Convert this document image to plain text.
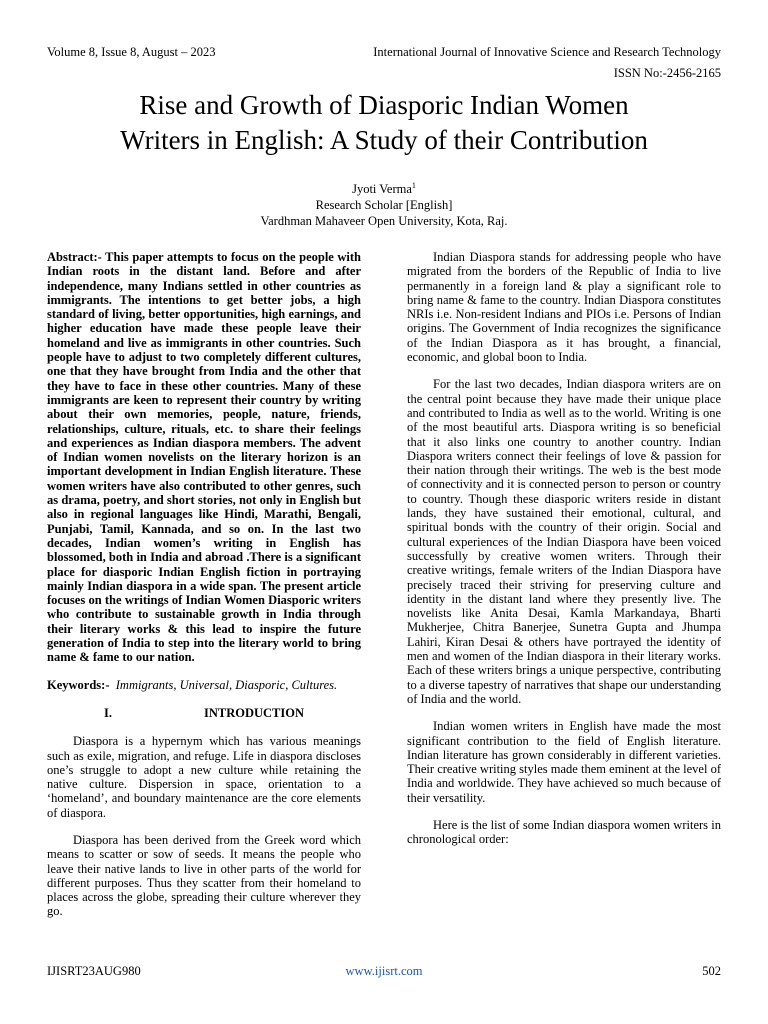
Volume 8, Issue 8, August – 2023	International Journal of Innovative Science and Research Technology
ISSN No:-2456-2165
Rise and Growth of Diasporic Indian Women
Writers in English: A Study of their Contribution
Jyoti Verma$^1$
Research Scholar [English]
Vardhman Mahaveer Open University, Kota, Raj.

Abstract:- This paper attempts to focus on the people with Indian roots in the distant land. Before and after independence, many Indians settled in other countries as immigrants. The intentions to get better jobs, a high standard of living, better opportunities, high earnings, and higher education have made these people leave their homeland and live as immigrants in other countries. Such people have to adjust to two completely different cultures, one that they have brought from India and the other that they have to face in these other countries. Many of these immigrants are keen to represent their country by writing about their own memories, people, nature, friends, relationships, culture, rituals, etc. to share their feelings and experiences as Indian diaspora members. The advent of Indian women novelists on the literary horizon is an important development in Indian English literature. These women writers have also contributed to other genres, such as drama, poetry, and short stories, not only in English but also in regional languages like Hindi, Marathi, Bengali, Punjabi, Tamil, Kannada, and so on. In the last two decades, Indian women’s writing in English has blossomed, both in India and abroad .There is a significant place for diasporic Indian English fiction in portraying mainly Indian diaspora in a wide span. The present article focuses on the writings of Indian Women Diasporic writers who contribute to sustainable growth in India through their literary works & this lead to inspire the future generation of India to step into the literary world to bring name & fame to our nation.

Keywords:- Immigrants, Universal, Diasporic, Cultures.

I.	INTRODUCTION

Diaspora is a hypernym which has various meanings such as exile, migration, and refuge. Life in diaspora discloses one’s struggle to adopt a new culture while retaining the native culture. Dispersion in space, orientation to a ‘homeland’, and boundary maintenance are the core elements of diaspora.

Diaspora has been derived from the Greek word which means to scatter or sow of seeds. It means the people who leave their native lands to live in other parts of the world for different purposes. Thus they scatter from their homeland to places across the globe, spreading their culture wherever they go.

Indian Diaspora stands for addressing people who have migrated from the borders of the Republic of India to live permanently in a foreign land & play a significant role to bring name & fame to the country. Indian Diaspora constitutes NRIs i.e. Non-resident Indians and PIOs i.e. Persons of Indian origins. The Government of India recognizes the significance of the Indian Diaspora as it has brought, a financial, economic, and global boon to India.

For the last two decades, Indian diaspora writers are on the central point because they have made their unique place and contributed to India as well as to the world. Writing is one of the most beautiful arts. Diaspora writing is so beneficial that it also links one country to another country. Indian Diaspora writers connect their feelings of love & passion for their nation through their writings. The web is the best mode of connectivity and it is connected person to person or country to country. Though these diasporic writers reside in distant lands, they have sustained their emotional, cultural, and spiritual bonds with the country of their origin. Social and cultural experiences of the Indian Diaspora have been voiced successfully by creative women writers. Through their creative writings, female writers of the Indian Diaspora have precisely traced their striving for preserving culture and identity in the distant land where they presently live. The novelists like Anita Desai, Kamla Markandaya, Bharti Mukherjee, Chitra Banerjee, Sunetra Gupta and Jhumpa Lahiri, Kiran Desai & others have portrayed the identity of men and women of the Indian diaspora in their literary works. Each of these writers brings a unique perspective, contributing to a diverse tapestry of narratives that shape our understanding of India and the world.

Indian women writers in English have made the most significant contribution to the field of English literature. Indian literature has grown considerably in different varieties. Their creative writing styles made them eminent at the level of India and worldwide. They have achieved so much because of their versatility.

Here is the list of some Indian diaspora women writers in chronological order:

IJISRT23AUG980	www.ijisrt.com	502
